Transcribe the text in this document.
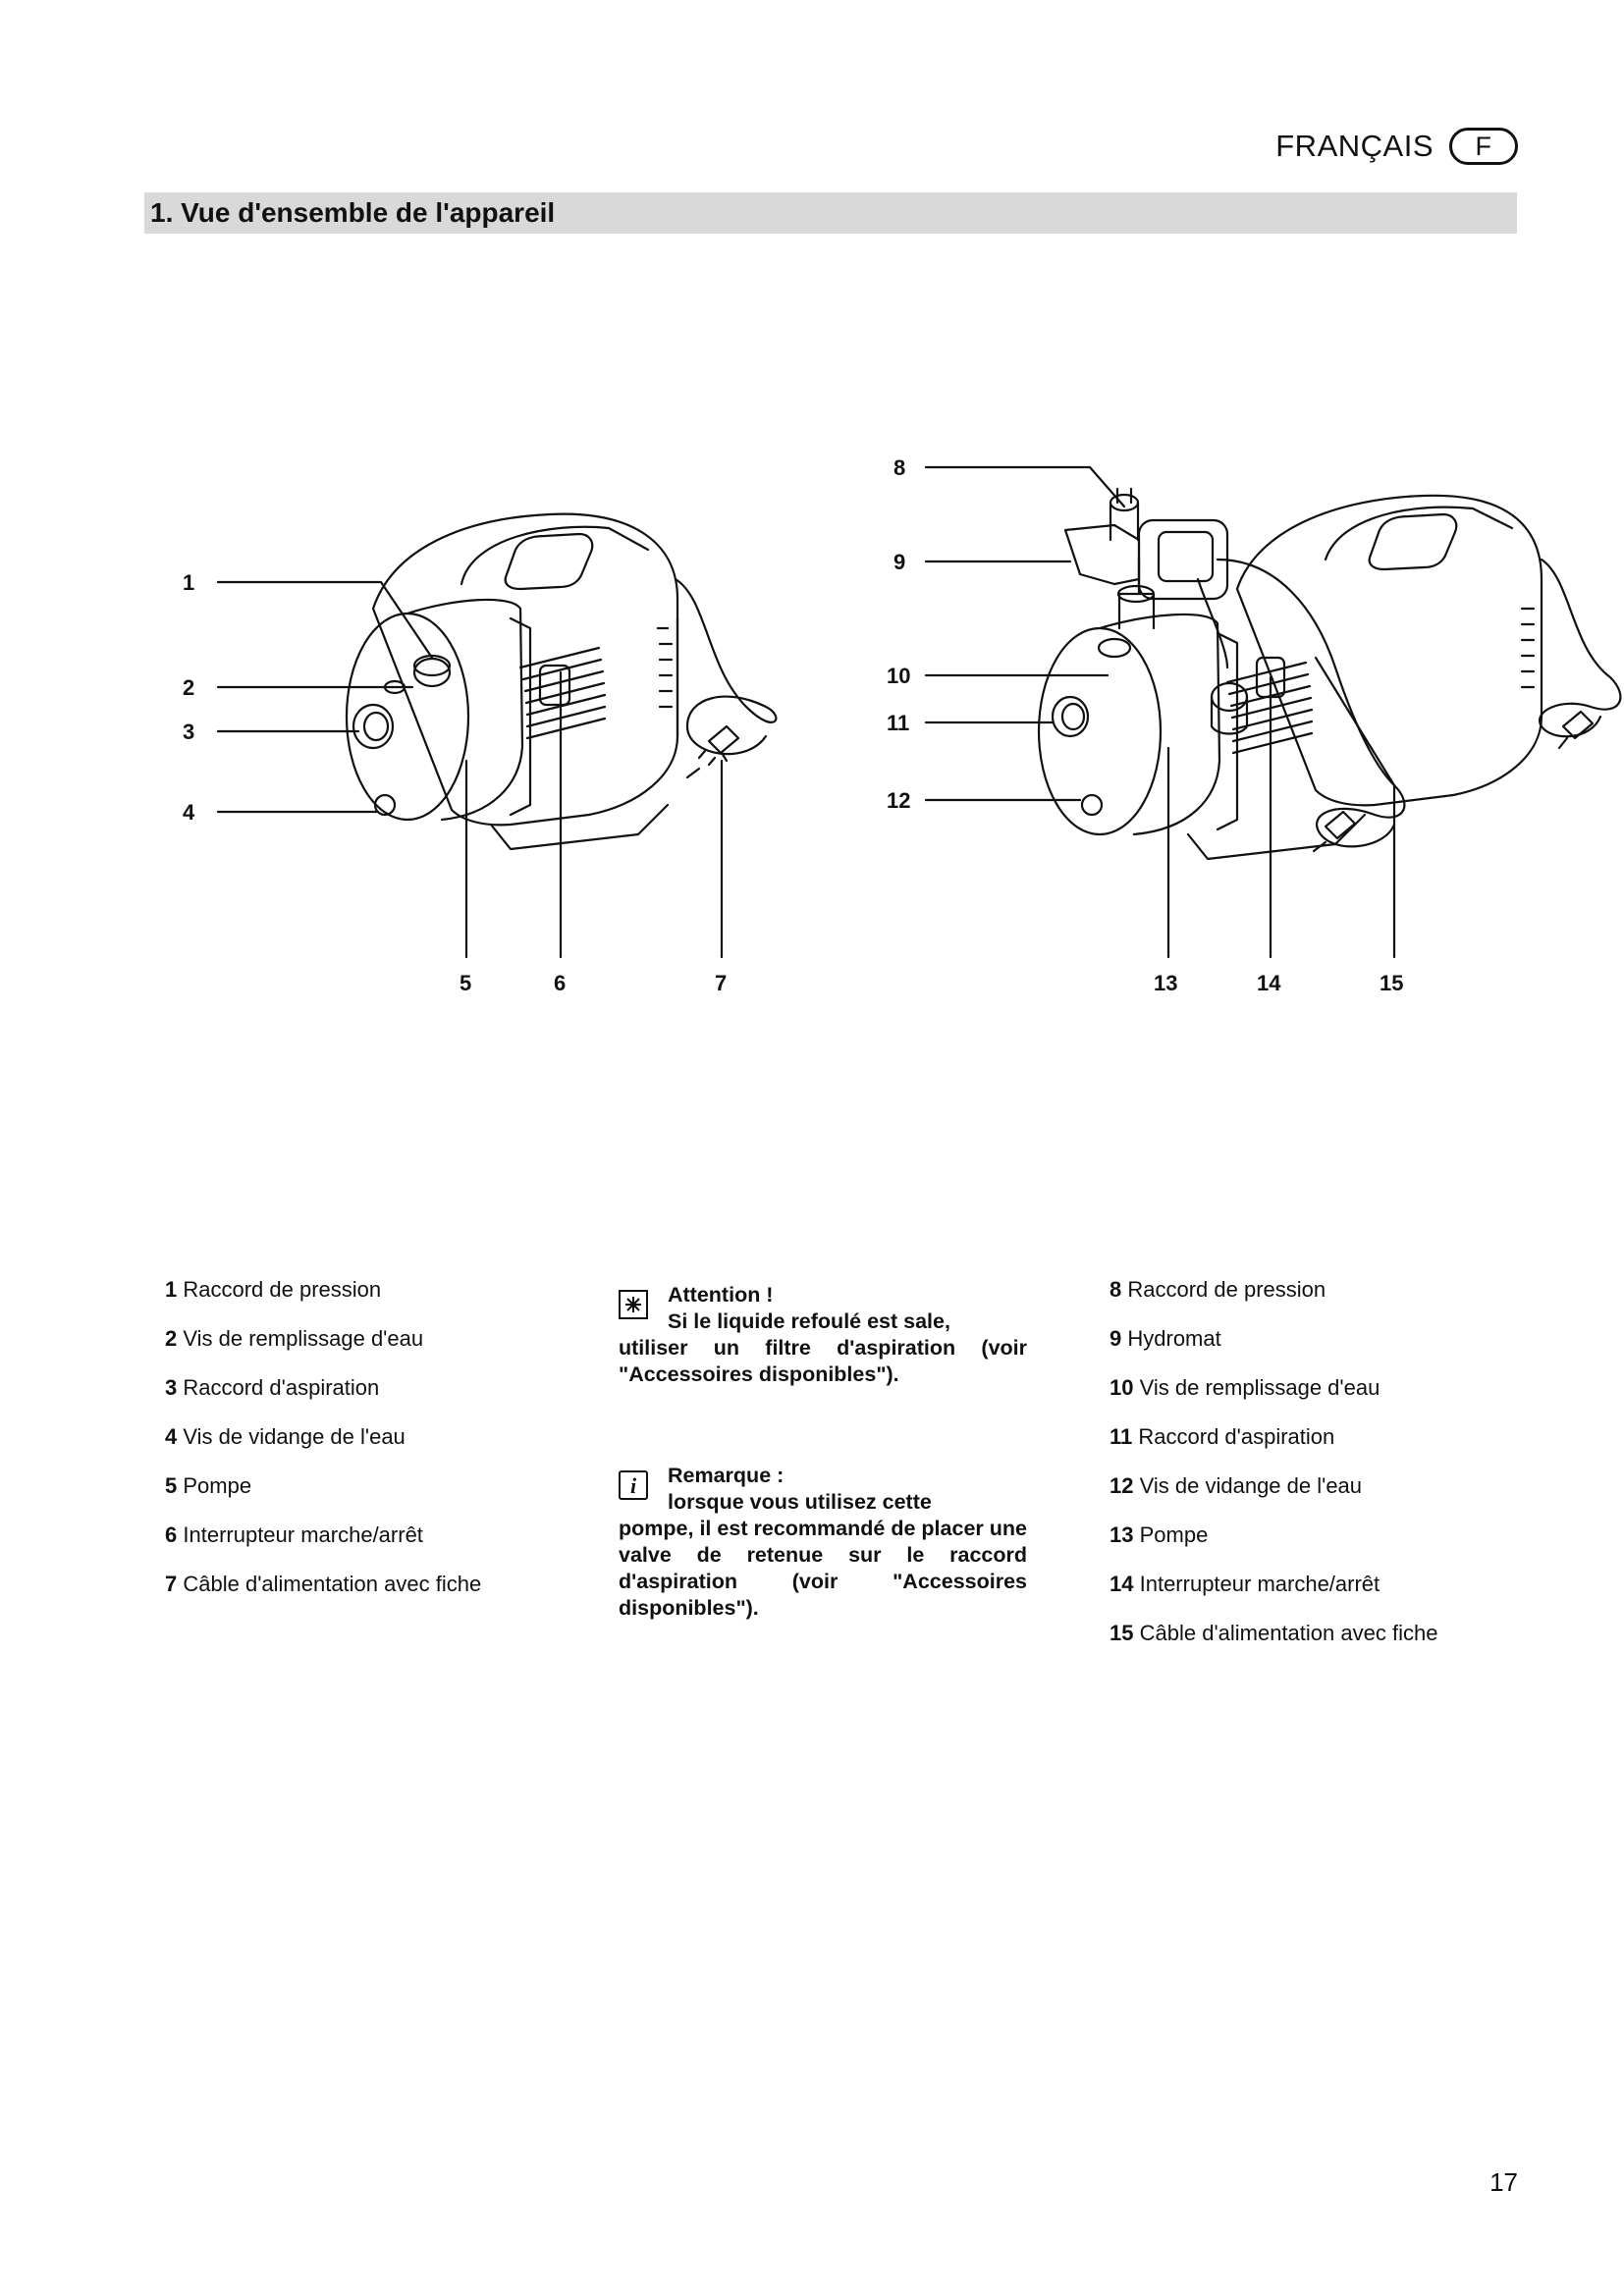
FRANÇAIS	F
1. Vue d'ensemble de l'appareil
1
2
3
4
5	6	7
8
9
10
11
12
13	14	15
1 Raccord de pression
2 Vis de remplissage d'eau
3 Raccord d'aspiration
4 Vis de vidange de l'eau
5 Pompe
6 Interrupteur marche/arrêt
7 Câble d'alimentation avec fiche
Attention !
Si le liquide refoulé est sale,
utiliser un filtre d'aspiration (voir "Accessoires disponibles").
i	Remarque :
lorsque vous utilisez cette
pompe, il est recommandé de placer une valve de retenue sur le raccord d'aspiration (voir "Accessoires disponibles").
8 Raccord de pression
9 Hydromat
10 Vis de remplissage d'eau
11 Raccord d'aspiration
12 Vis de vidange de l'eau
13 Pompe
14 Interrupteur marche/arrêt
15 Câble d'alimentation avec fiche
17
